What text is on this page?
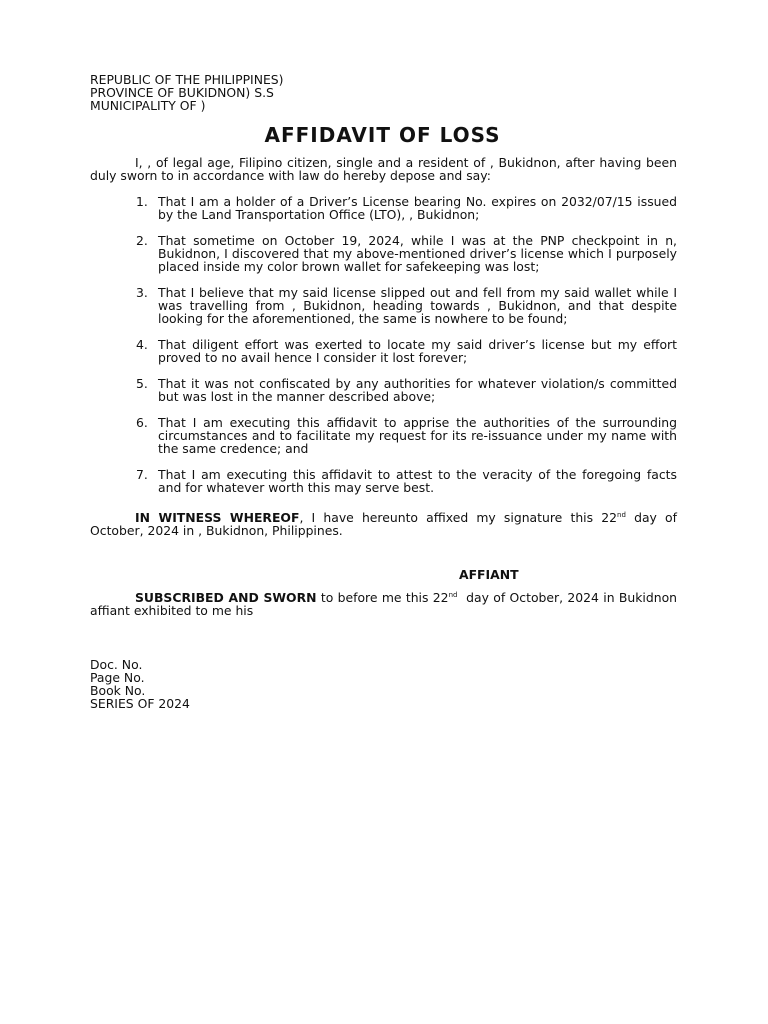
REPUBLIC OF THE PHILIPPINES)
PROVINCE OF BUKIDNON) S.S
MUNICIPALITY OF )
AFFIDAVIT OF LOSS

I, , of legal age, Filipino citizen, single and a resident of , Bukidnon, after having been duly sworn to in accordance with law do hereby depose and say:

1. That I am a holder of a Driver’s License bearing No. expires on 2032/07/15 issued by the Land Transportation Office (LTO), , Bukidnon;
2. That sometime on October 19, 2024, while I was at the PNP checkpoint in n, Bukidnon, I discovered that my above-mentioned driver’s license which I purposely placed inside my color brown wallet for safekeeping was lost;
3. That I believe that my said license slipped out and fell from my said wallet while I was travelling from , Bukidnon, heading towards , Bukidnon, and that despite looking for the aforementioned, the same is nowhere to be found;
4. That diligent effort was exerted to locate my said driver’s license but my effort proved to no avail hence I consider it lost forever;
5. That it was not confiscated by any authorities for whatever violation/s committed but was lost in the manner described above;
6. That I am executing this affidavit to apprise the authorities of the surrounding circumstances and to facilitate my request for its re-issuance under my name with the same credence; and
7. That I am executing this affidavit to attest to the veracity of the foregoing facts and for whatever worth this may serve best.

IN WITNESS WHEREOF, I have hereunto affixed my signature this 22nd day of October, 2024 in , Bukidnon, Philippines.

AFFIANT

SUBSCRIBED AND SWORN to before me this 22nd  day of October, 2024 in Bukidnon affiant exhibited to me his

Doc. No.
Page No.
Book No.
SERIES OF 2024
